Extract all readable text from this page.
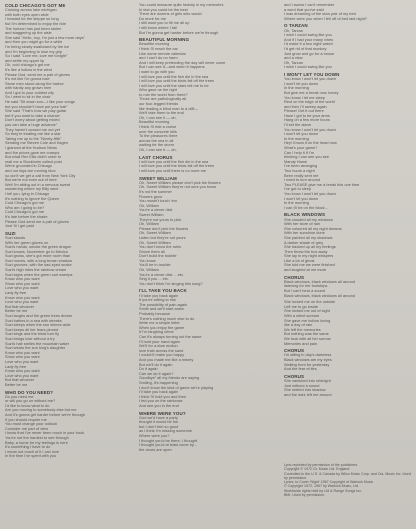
COLD CHICAGO'S GOT ME
Cruising across lake michigan
with both eyes open wide
I headed for the steppe so long
but I'm determined to enjoy the ride
The horizon has just been stolen
and staggering up the aisle
She said "Hello, boy, I'm just a few more days"
and then you might go for a while
I'm being slowly swallowed by the ice
and I'm beginning to lose my grip
So I said "Love me, love me tonight"
and settle my upper lip
Oh, cold chicago's got me
It's like a hollow in the wind
Please God, send me a pair of gloves
It's not like I'm gonna lose
Stone men stood along the harbor
with hardly any grown men
And I got to your coldest city
So I went to sit in the chair
He said "Sit down son—I like your songs
but you shouldn't have put your hair"
She said "That's how we play guitar
but if you want to take a chance
Don't worry about getting mixed
you can take a huge advance"
They haven't cussed me out yet
So they're treating me like a star
Taking me up to the "Ninety-fifth"
Sending me Steven Cole and Kagen
I glanced at the Hudson News
and the prices gave me cramps
But what Rex Ellis didn't order to
mail me a Stockholm collect post
We're grounded in Chicago
and our legs are running blue
so don't we get a call from New York City
But we're not even out of here
Well I'm sitting out in a nervous sweat
wondering where my Billy went
I tell you, lying in Chicago
It's nothing to ignore the Queen
Cold Chicago's got me
Who am I going to be?
Cold Chicago's got me
It's late before the shade
Please God send me a pair of gloves
Just 'til I get paid
SUZI
Suzi stands
With her green gloves on
Suzi's hands, smoke the green dragon
Suzi knows, November go to Mexico
Suzi grows, she's got more room than
Suzi moves, with a long brown shadow
Suzi grooves, with the sad-eyed snake
Suzi's high rides the rainbow cream
Suzi sighs when the green cart sweeps
Know who you want
Show who you want
Love who you want
Lady fly free
Know who you want
Love who you want
But that whoever
Better be me
Suzi laughs and the green trees dream
Suzi bathes in a sea with streaks
Suzi sleeps when the sun shines wide
Suzi keeps all her fears pinned
Suzi sings and the birds turn fly
Suzi brings love without a try
Suzi's hair smiles the mountain water
Suzi wears the sun king's daughter
Know who you want
Show who you want
Love who you want
Lady fly free
Know who you want
Love who you want
But that whoever
Better be me
WHO DO YOU NEED?
Do you need me
or will you go on without me?
I'd like to know what to do
Are you moving to somebody else but me
And it's gonna get harder before we're through
If you should require me
You must change your outlook
Consider me part of view
I know that I've never been much in your book
You're not the hardest to see through
Baby, a home for my feelings is here
It's something I have to do
I mean not much of it I can love
In the time I've spent with you
You could measure quite heavily in my memories
In fact you could be the best
There are dozens of girls who would
Do more for me
I still want you to fill me all up
I still know where I fall
But I'm gonna get harder before we're through
BEAUTIFUL MORNING
Beautiful morning
I think I'll reach the car
Like some remote calendar
and I can't do no harm
And I will keep pretending the day will never come
But I can see it—and when it happens
I want to go with you
I will love you until the fish die in the sea
I will love you until the birds fall off the trees
I will love you until the stars tell me to be
Who gave us the right
to ruin the world from there?
Those are pathologically all
our four-legged friends
like leading a blind man to a cliff—
We'll take them to the end
Oh, I can see it — oh,
Beautiful morning
I think I'll ride a cruise
over the concrete hills
To the pleasures there
across the sea in all
waiting for the storm
Oh, I can see it — oh,
LAST CHORUS
I will love you until the fish die in the sea
I will love you until the birds fall off the trees
I will love you until there is no more me
SWEET WILLIAM
Oh, Sweet William please don't pick the flowers
Oh, Sweet William they're not ours you know
It's not the summer
Flowers grow
You mustn't touch 'em
Oh, William
You're a clever dick
Sweet William
They're not yours to pick
Oh, William
Please don't pick the flowers
Oh, Sweet William
Listen but they're not yours
Oh, Sweet William
You don't know the rules
Shove them all
Don't build the bubble
You know
You'll be in trouble
Oh, William
You're a clever dick ... etc.
Sing it you ... etc.
You don't think I'm singing this song?
I'LL TAKE YOU BACK
I'll take you back again
If you're willing to risk
The possibility of pain again
Smile and we'll start anew
Probably because
There's nothing much else to do
Write me a simple letter
When you enjoy the game
If I'm laughing crime
Can it's always turning out the same
I'll hold your hand again
We'll for a slow motion
love train across the sand
I couldn't make you happy
And you made me like a misery
But we'll do it again
Do it again
Can we do it again?
Goodbye" all my friends are saying
Smiling, it's happening
I don't know the kind of game we're playing
I'll take you back again
I think I'll hold you and then
I fed you on the rainbows
And see you in the end
WHERE WERE YOU?
God we'd have a party
thought it would be fun
but I don't feel so good
as I think I'm missing someone
Where were you?
I thought you'd be there, I thought
I thought you'd at least come by...
the doors are open
and I swear I can't remember
a word that you've said
I was dreaming of the slow pair of my bed
Where were you when I fell off of bed last night?
O TARZAN
Oh, Tarzan
I wish I could swing like you
And if I had your many vines
I'd make it a two night watch
I'd get rid of that monkey
Just grow and go for a house
and a view
Oh, Tarzan
I wish I could swing like you
I WON'T LET YOU DOWN
You know I won't let you down
I won't let you down
In the morning
But give me a break now honey
You know I let me sleep
Rest on the edge of the world
and then I'll sweep again
Please! Get it out there
Have I got to be your arms
Hang on a few more hours
I'll set the alarm
You know I won't let you down
I won't let you down
In the morning
Hey! Knock it on the head now
What's your game?
Can I help it if I'm
thinking I can see you see
Mandy Hame
I've been arranging
Two hours a night
Been really sent me
I need to turn around
Two PLEASE give me a break this one time
I've got to sleep
You know I won't let you down
I won't let you down
In the morning
I can I'll be on the block...
BLACK WINDOWS
She clouded all my windows
With her store of rain
She coloured all my night dreams
With her sunshine done
She painted all my shadows
A darker shade of grey
She backed up all my feelings
Then threw the box away
She lay in my night whispers
Like a lot of ghost
She told me we were finished
and laughed at me more
CHORUS
Black windows, black windows all around
listening for her footsteps
But I can't hear a sound
Black windows, black windows all around
She locked me on the outside
Left me to go inside
She locked me out of sight
With a silent scream
She gave me hollow loving
like a day of rain
We left the memories
But nothing was the same
We took with all her sorrow
Memories and pain
CHORUS
I'm sitting in day's darkness
Black windows are my eyes
Waiting from for yesterday
And the fear of ties
CHORUS
She vanished into midnight
Just without a sound
She melted into shadow
and the dark left me around
Lyric reprinted by permission of the publishers.
Copyright © 1972 Gr. Music Ltd. England
Controlled in the U.S. & Canada by Wilco Music Corp. and Cia. Music Inc. Used by permission.
Lyrics: to Cover 'Night' 1967 Copyright of Warlock Music
© Copyright 1972, 1967 by Warlock Music, Ltd.
Worldwide rights held by Ltd & Range Songs Inc.
BMI. Used by permission.
